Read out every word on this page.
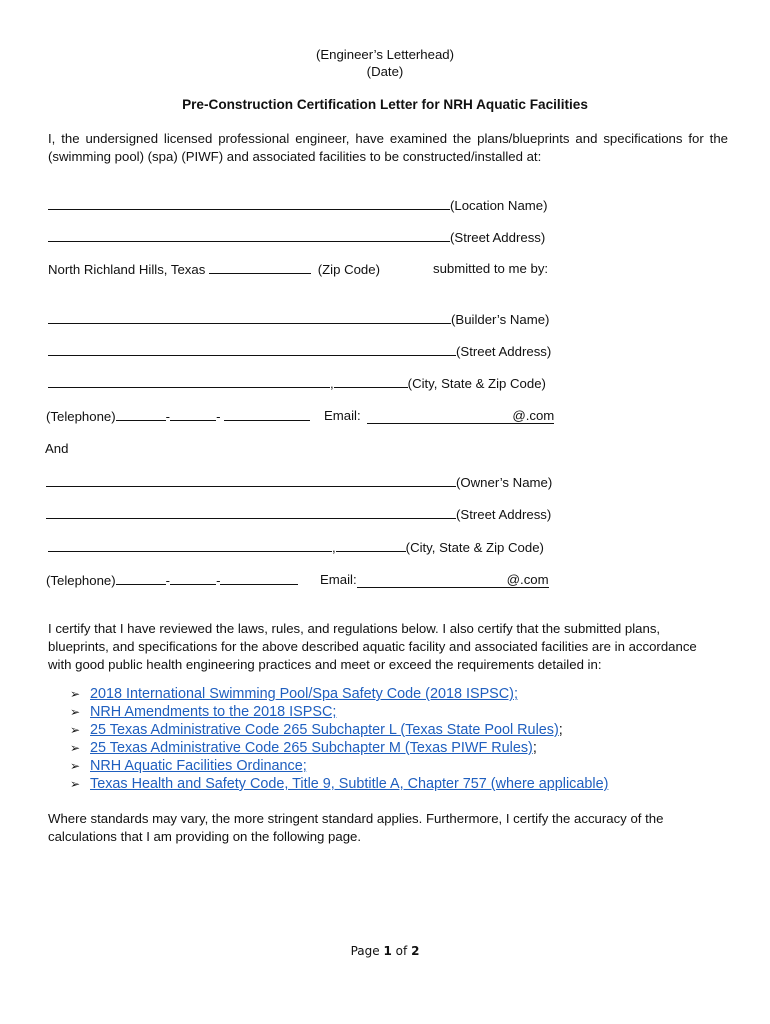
(Engineer’s Letterhead)
(Date)
Pre-Construction Certification Letter for NRH Aquatic Facilities
I, the undersigned licensed professional engineer, have examined the plans/blueprints and specifications for the (swimming pool) (spa) (PIWF) and associated facilities to be constructed/installed at:
(Location Name)
(Street Address)
North Richland Hills, Texas	(Zip Code)	submitted to me by:
(Builder’s Name)
(Street Address)
,	(City, State & Zip Code)
(Telephone)	-	-	Email:	@.com
And
(Owner’s Name)
(Street Address)
,	(City, State & Zip Code)
(Telephone)	-	-	Email:	@.com
I certify that I have reviewed the laws, rules, and regulations below. I also certify that the submitted plans, blueprints, and specifications for the above described aquatic facility and associated facilities are in accordance with good public health engineering practices and meet or exceed the requirements detailed in:
➢ 2018 International Swimming Pool/Spa Safety Code (2018 ISPSC);
➢ NRH Amendments to the 2018 ISPSC;
➢ 25 Texas Administrative Code 265 Subchapter L (Texas State Pool Rules);
➢ 25 Texas Administrative Code 265 Subchapter M (Texas PIWF Rules);
➢ NRH Aquatic Facilities Ordinance;
➢ Texas Health and Safety Code, Title 9, Subtitle A, Chapter 757 (where applicable)
Where standards may vary, the more stringent standard applies. Furthermore, I certify the accuracy of the calculations that I am providing on the following page.
Page 1 of 2
